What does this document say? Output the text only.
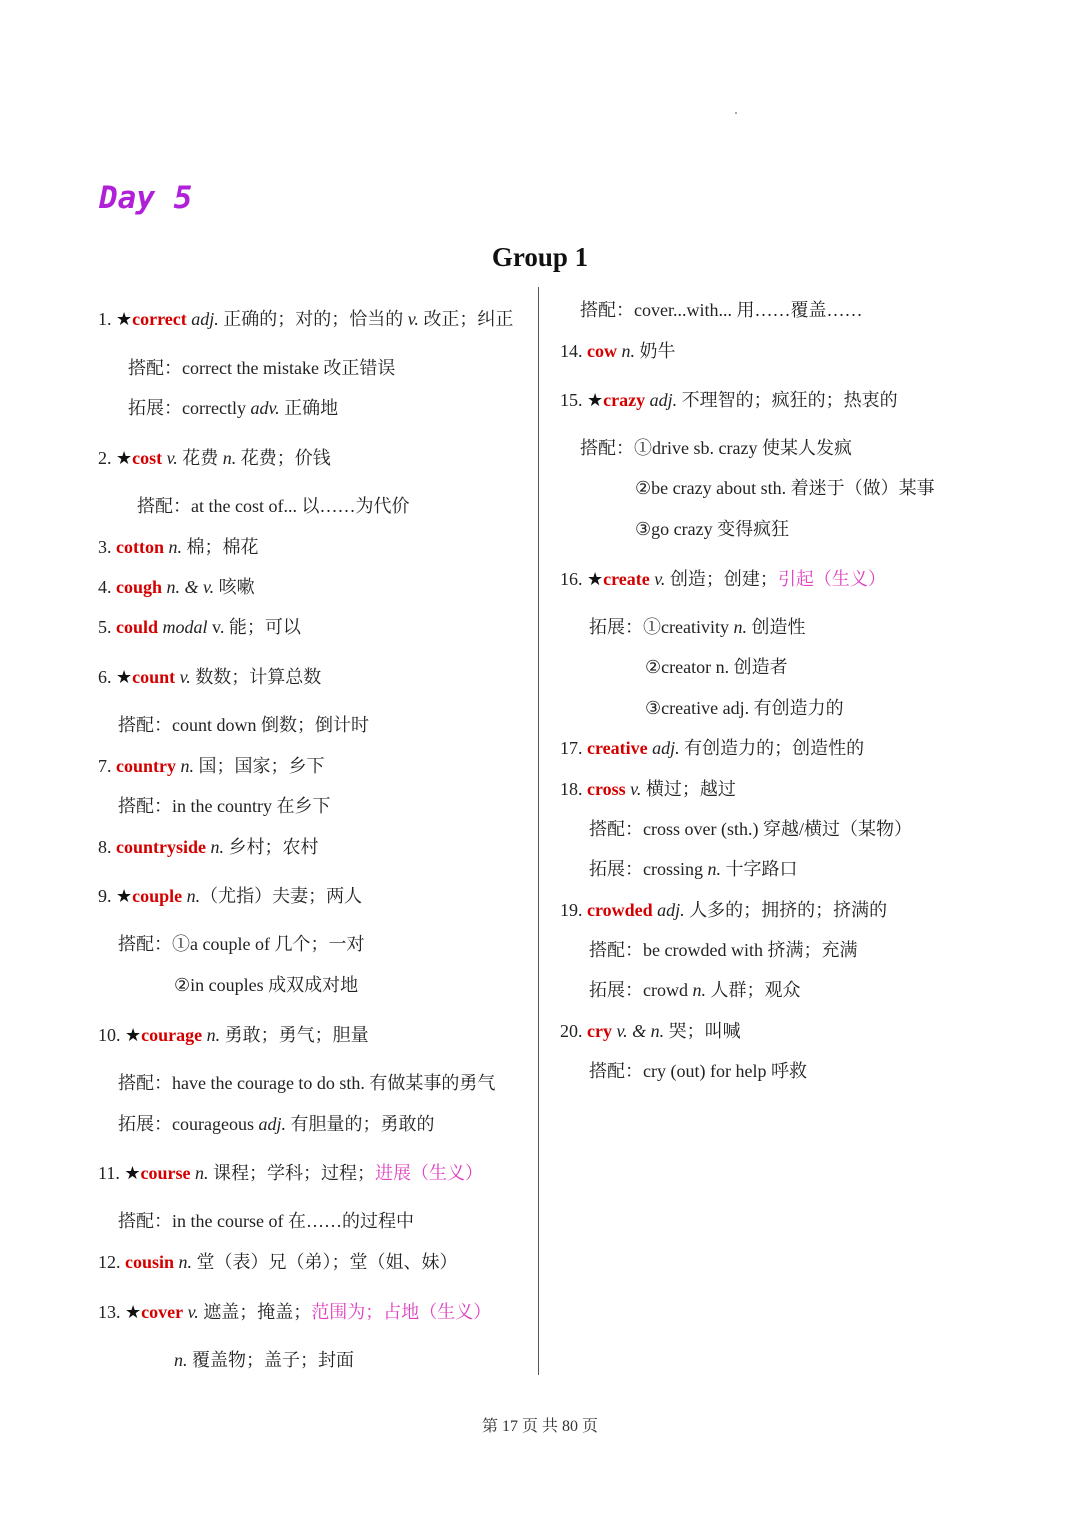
Day 5
Group 1
1. ★correct adj. 正确的；对的；恰当的 v. 改正；纠正
搭配：correct the mistake 改正错误
拓展：correctly adv. 正确地
2. ★cost v. 花费 n. 花费；价钱
搭配：at the cost of... 以……为代价
3. cotton n. 棉；棉花
4. cough n. & v. 咳嗽
5. could modal v. 能；可以
6. ★count v. 数数；计算总数
搭配：count down 倒数；倒计时
7. country n. 国；国家；乡下
搭配：in the country 在乡下
8. countryside n. 乡村；农村
9. ★couple n.（尤指）夫妻；两人
搭配：①a couple of 几个；一对
②in couples 成双成对地
10. ★courage n. 勇敢；勇气；胆量
搭配：have the courage to do sth. 有做某事的勇气
拓展：courageous adj. 有胆量的；勇敢的
11. ★course n. 课程；学科；过程；进展（生义）
搭配：in the course of 在……的过程中
12. cousin n. 堂（表）兄（弟）；堂（姐、妹）
13. ★cover v. 遮盖；掩盖；范围为；占地（生义）
n. 覆盖物；盖子；封面
搭配：cover...with... 用……覆盖……
14. cow n. 奶牛
15. ★crazy adj. 不理智的；疯狂的；热衷的
搭配：①drive sb. crazy 使某人发疯
②be crazy about sth. 着迷于（做）某事
③go crazy 变得疯狂
16. ★create v. 创造；创建；引起（生义）
拓展：①creativity n. 创造性
②creator n. 创造者
③creative adj. 有创造力的
17. creative adj. 有创造力的；创造性的
18. cross v. 横过；越过
搭配：cross over (sth.) 穿越/横过（某物）
拓展：crossing n. 十字路口
19. crowded adj. 人多的；拥挤的；挤满的
搭配：be crowded with 挤满；充满
拓展：crowd n. 人群；观众
20. cry v. & n. 哭；叫喊
搭配：cry (out) for help 呼救
第 17 页 共 80 页
